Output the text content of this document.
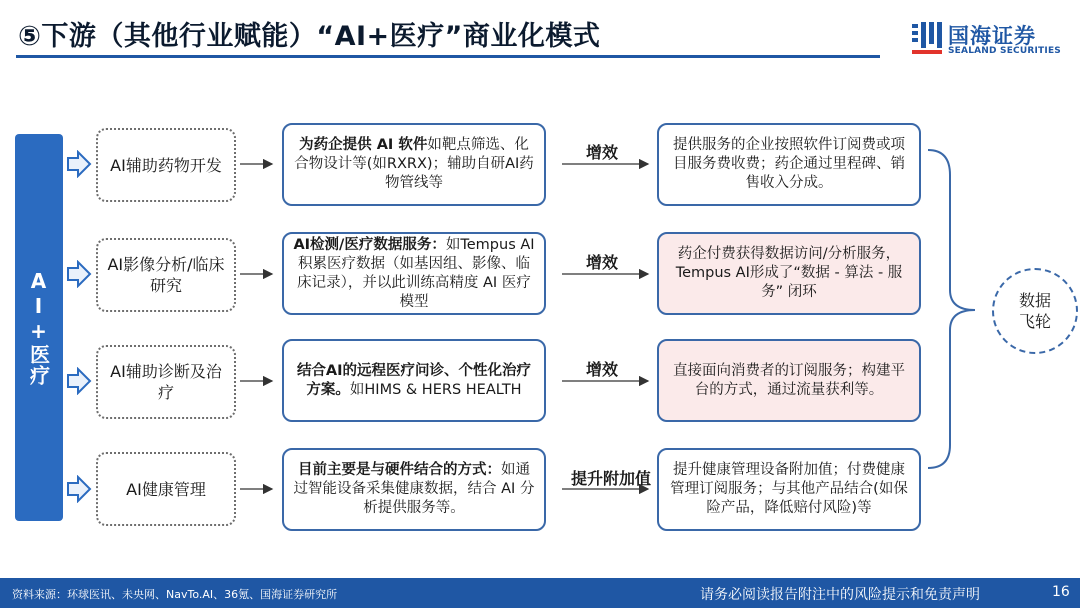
⑤下游（其他行业赋能）“AI+医疗”商业化模式	国海证券
SEALAND SECURITIES
AI+医疗
AI辅助药物开发
AI影像分析/临床研究
AI辅助诊断及治疗
AI健康管理
为药企提供 AI 软件如靶点筛选、化合物设计等(如RXRX)；辅助自研AI药物管线等
AI检测/医疗数据服务：如Tempus AI积累医疗数据（如基因组、影像、临床记录），并以此训练高精度 AI 医疗模型
结合AI的远程医疗问诊、个性化治疗方案。如HIMS & HERS HEALTH
目前主要是与硬件结合的方式：如通过智能设备采集健康数据，结合 AI 分析提供服务等。
增效
增效
增效
提升附加值
提供服务的企业按照软件订阅费或项目服务费收费；药企通过里程碑、销售收入分成。
药企付费获得数据访问/分析服务，Tempus AI形成了“数据 - 算法 - 服务” 闭环
直接面向消费者的订阅服务；构建平台的方式，通过流量获利等。
提升健康管理设备附加值；付费健康管理订阅服务；与其他产品结合(如保险产品，降低赔付风险)等
数据飞轮
资料来源：环球医讯、未央网、NavTo.AI、36氪、国海证券研究所	请务必阅读报告附注中的风险提示和免责声明	16
